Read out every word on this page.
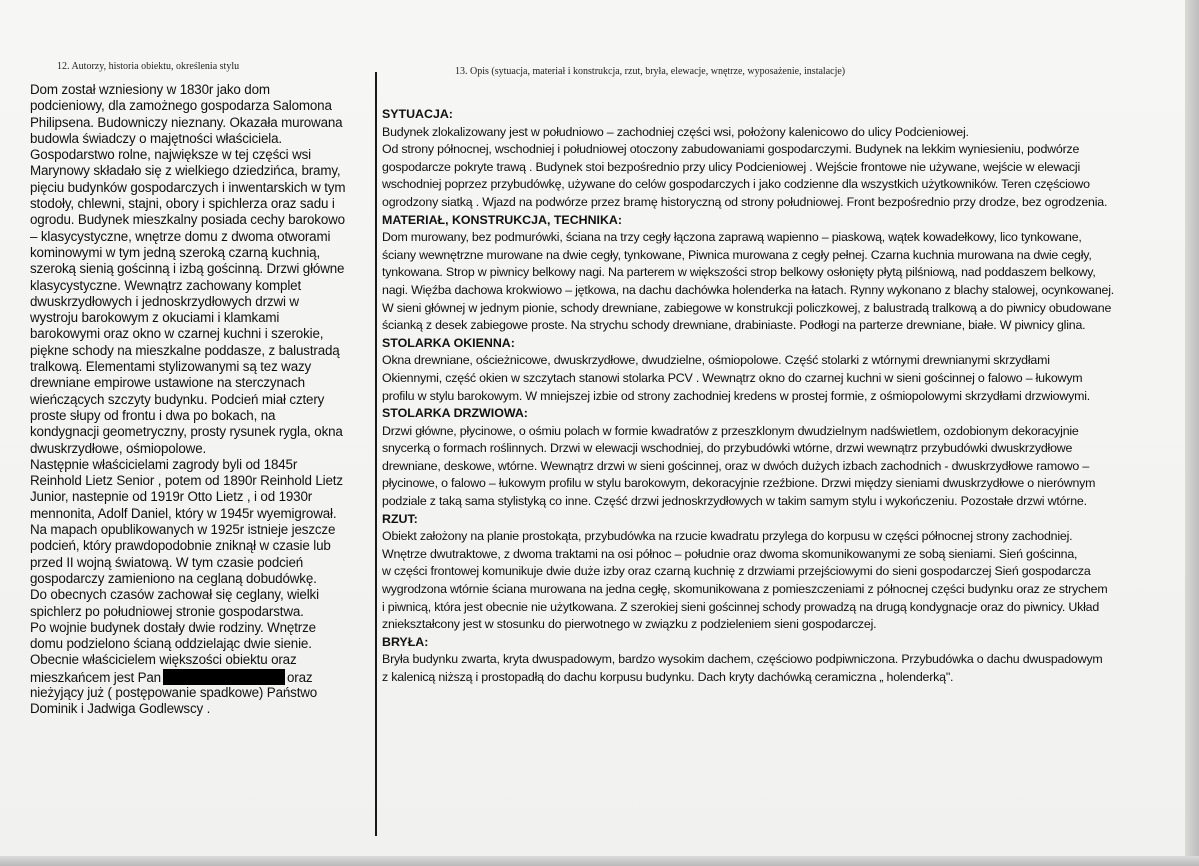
12. Autorzy, historia obiektu, określenia stylu	13. Opis (sytuacja, materiał i konstrukcja, rzut, bryła, elewacje, wnętrze, wyposażenie, instalacje)
Dom został wzniesiony w 1830r jako dom
podcieniowy, dla zamożnego gospodarza Salomona
Philipsena. Budowniczy nieznany. Okazała murowana
budowla świadczy o majętności właściciela.
Gospodarstwo rolne, największe w tej części wsi
Marynowy składało się z wielkiego dziedzińca, bramy,
pięciu budynków gospodarczych i inwentarskich w tym
stodoły, chlewni, stajni, obory i spichlerza oraz sadu i
ogrodu. Budynek mieszkalny posiada cechy barokowo
– klasycystyczne, wnętrze domu z dwoma otworami
kominowymi w tym jedną szeroką czarną kuchnią,
szeroką sienią gościnną i izbą gościnną. Drzwi główne
klasycystyczne. Wewnątrz zachowany komplet
dwuskrzydłowych i jednoskrzydłowych drzwi w
wystroju barokowym z okuciami i klamkami
barokowymi oraz okno w czarnej kuchni i szerokie,
piękne schody na mieszkalne poddasze, z balustradą
tralkową. Elementami stylizowanymi są tez wazy
drewniane empirowe ustawione na sterczynach
wieńczących szczyty budynku. Podcień miał cztery
proste słupy od frontu i dwa po bokach, na
kondygnacji geometryczny, prosty rysunek rygla, okna
dwuskrzydłowe, ośmiopolowe.
Następnie właścicielami zagrody byli od 1845r
Reinhold Lietz Senior , potem od 1890r Reinhold Lietz
Junior, nastepnie od 1919r Otto Lietz , i od 1930r
mennonita, Adolf Daniel, który w 1945r wyemigrował.
Na mapach opublikowanych w 1925r istnieje jeszcze
podcień, który prawdopodobnie zniknął w czasie lub
przed II wojną światową. W tym czasie podcień
gospodarczy zamieniono na ceglaną dobudówkę.
Do obecnych czasów zachował się ceglany, wielki
spichlerz po południowej stronie gospodarstwa.
Po wojnie budynek dostały dwie rodziny. Wnętrze
domu podzielono ścianą oddzielając dwie sienie.
Obecnie właścicielem większości obiektu oraz
mieszkańcem jest Pan	oraz
nieżyjący już ( postępowanie spadkowe) Państwo
Dominik i Jadwiga Godlewscy .
SYTUACJA:
Budynek zlokalizowany jest w południowo – zachodniej części wsi, położony kalenicowo do ulicy Podcieniowej.
Od strony północnej, wschodniej i południowej otoczony zabudowaniami gospodarczymi. Budynek na lekkim wyniesieniu, podwórze
gospodarcze pokryte trawą . Budynek stoi bezpośrednio przy ulicy Podcieniowej . Wejście frontowe nie używane, wejście w elewacji
wschodniej poprzez przybudówkę, używane do celów gospodarczych i jako codzienne dla wszystkich użytkowników. Teren częściowo
ogrodzony siatką . Wjazd na podwórze przez bramę historyczną od strony południowej. Front bezpośrednio przy drodze, bez ogrodzenia.
MATERIAŁ, KONSTRUKCJA, TECHNIKA:
Dom murowany, bez podmurówki, ściana na trzy cegły łączona zaprawą wapienno – piaskową, wątek kowadełkowy, lico tynkowane,
ściany wewnętrzne murowane na dwie cegły, tynkowane, Piwnica murowana z cegły pełnej. Czarna kuchnia murowana na dwie cegły,
tynkowana. Strop w piwnicy belkowy nagi. Na parterem w większości strop belkowy osłonięty płytą pilśniową, nad poddaszem belkowy,
nagi. Więźba dachowa krokwiowo – jętkowa, na dachu dachówka holenderka na łatach. Rynny wykonano z blachy stalowej, ocynkowanej.
W sieni głównej w jednym pionie, schody drewniane, zabiegowe w konstrukcji policzkowej, z balustradą tralkową a do piwnicy obudowane
ścianką z desek zabiegowe proste. Na strychu schody drewniane, drabiniaste. Podłogi na parterze drewniane, białe. W piwnicy glina.
STOLARKA OKIENNA:
Okna drewniane, ościeżnicowe, dwuskrzydłowe, dwudzielne, ośmiopolowe. Część stolarki z wtórnymi drewnianymi skrzydłami
Okiennymi, część okien w szczytach stanowi stolarka PCV . Wewnątrz okno do czarnej kuchni w sieni gościnnej o falowo – łukowym
profilu w stylu barokowym. W mniejszej izbie od strony zachodniej kredens w prostej formie, z ośmiopolowymi skrzydłami drzwiowymi.
STOLARKA DRZWIOWA:
Drzwi główne, płycinowe, o ośmiu polach w formie kwadratów z przeszklonym dwudzielnym nadświetlem, ozdobionym dekoracyjnie
snycerką o formach roślinnych. Drzwi w elewacji wschodniej, do przybudówki wtórne, drzwi wewnątrz przybudówki dwuskrzydłowe
drewniane, deskowe, wtórne. Wewnątrz drzwi w sieni gościnnej, oraz w dwóch dużych izbach zachodnich - dwuskrzydłowe ramowo –
płycinowe, o falowo – łukowym profilu w stylu barokowym, dekoracyjnie rzeźbione. Drzwi między sieniami dwuskrzydłowe o nierównym
podziale z taką sama stylistyką co inne. Część drzwi jednoskrzydłowych w takim samym stylu i wykończeniu. Pozostałe drzwi wtórne.
RZUT:
Obiekt założony na planie prostokąta, przybudówka na rzucie kwadratu przylega do korpusu w części północnej strony zachodniej.
Wnętrze dwutraktowe, z dwoma traktami na osi północ – południe oraz dwoma skomunikowanymi ze sobą sieniami. Sień gościnna,
w części frontowej komunikuje dwie duże izby oraz czarną kuchnię z drzwiami przejściowymi do sieni gospodarczej Sień gospodarcza
wygrodzona wtórnie ściana murowana na jedna cegłę, skomunikowana z pomieszczeniami z północnej części budynku oraz ze strychem
i piwnicą, która jest obecnie nie użytkowana. Z szerokiej sieni gościnnej schody prowadzą na drugą kondygnacje oraz do piwnicy. Układ
zniekształcony jest w stosunku do pierwotnego w związku z podzieleniem sieni gospodarczej.
BRYŁA:
Bryła budynku zwarta, kryta dwuspadowym, bardzo wysokim dachem, częściowo podpiwniczona. Przybudówka o dachu dwuspadowym
z kalenicą niższą i prostopadłą do dachu korpusu budynku. Dach kryty dachówką ceramiczna „ holenderką".
